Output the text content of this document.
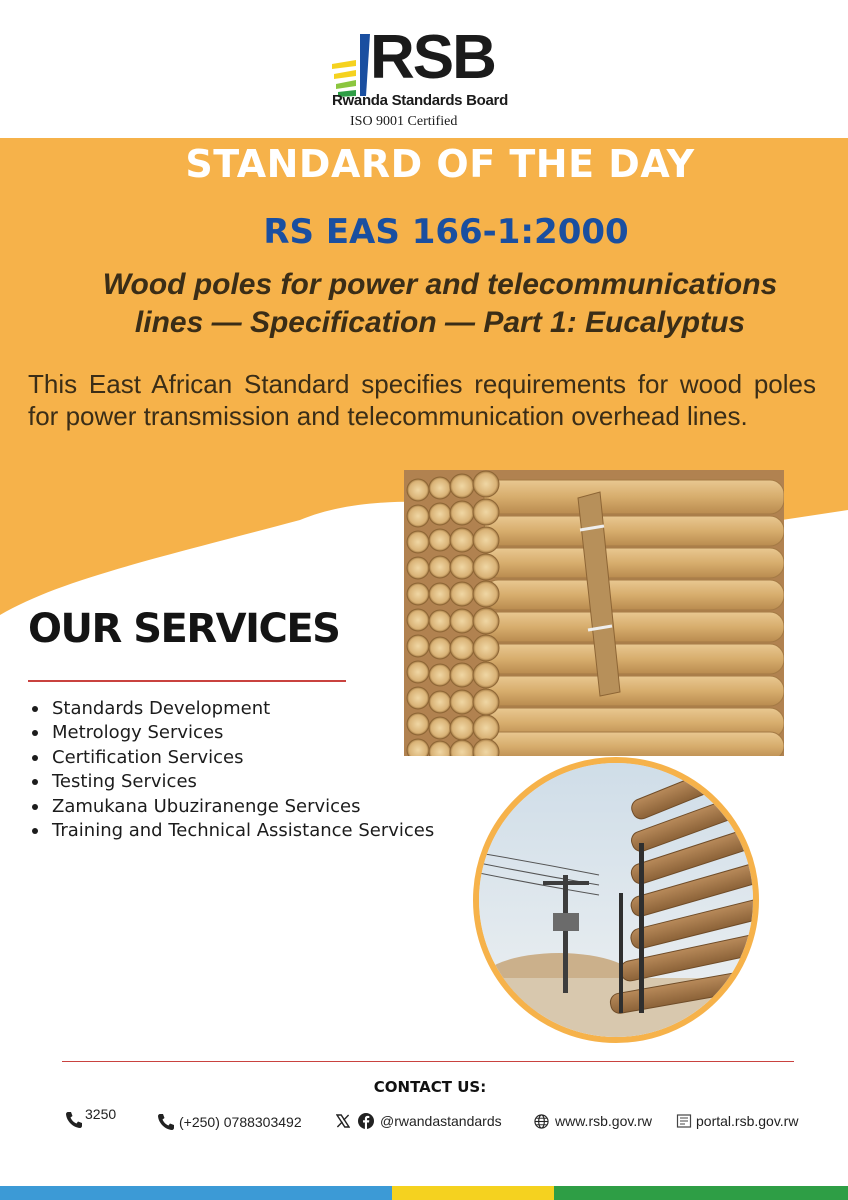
RSB
Rwanda Standards Board
ISO 9001 Certified
STANDARD OF THE DAY
RS EAS 166-1:2000
Wood poles for power and telecommunications
lines — Specification — Part 1: Eucalyptus
This East African Standard specifies requirements for wood poles for power transmission and telecommunication overhead lines.
OUR SERVICES
Standards Development
Metrology Services
Certification Services
Testing Services
Zamukana Ubuziranenge Services
Training and Technical Assistance Services
CONTACT US:
3250	(+250) 0788303492	@rwandastandards	www.rsb.gov.rw	portal.rsb.gov.rw
